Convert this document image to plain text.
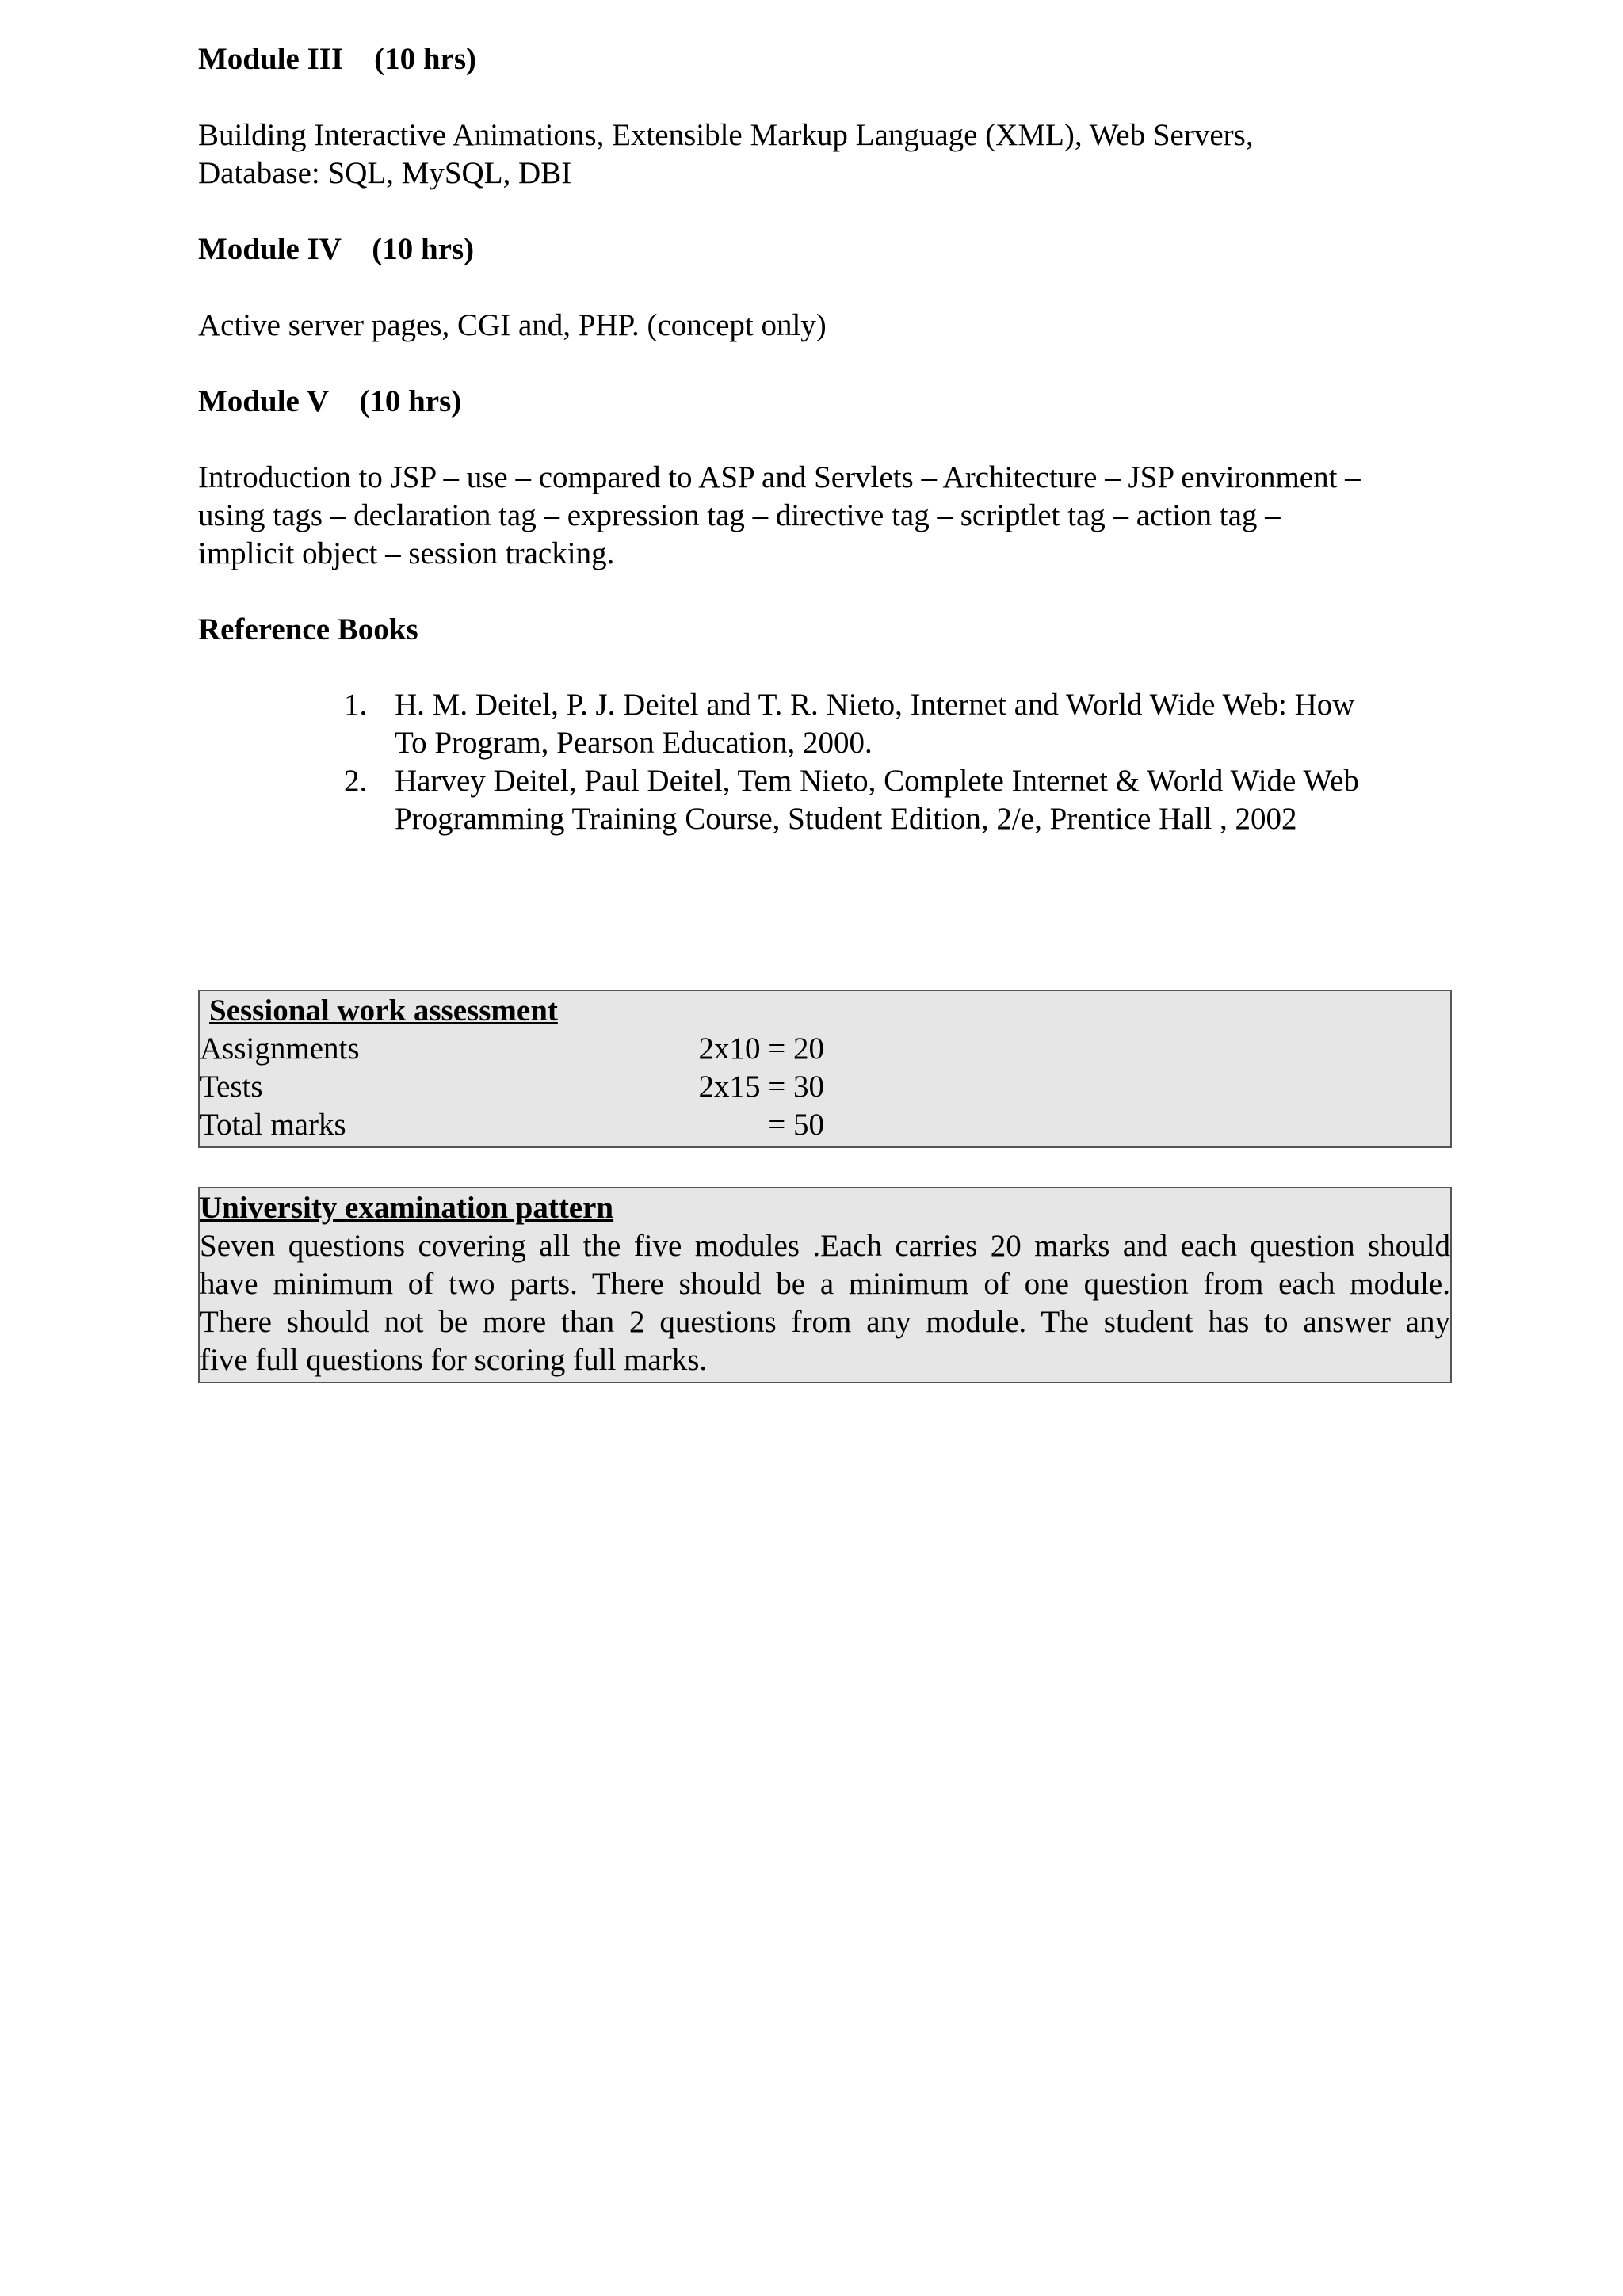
Module III    (10 hrs)
Building Interactive Animations, Extensible Markup Language (XML), Web Servers,
Database: SQL, MySQL, DBI
Module IV    (10 hrs)
Active server pages, CGI and, PHP. (concept only)
Module V    (10 hrs)
Introduction to JSP – use – compared to ASP and Servlets – Architecture – JSP environment –
using tags – declaration tag – expression tag – directive tag – scriptlet tag – action tag –
implicit object – session tracking.
Reference Books
1. H. M. Deitel, P. J. Deitel and T. R. Nieto, Internet and World Wide Web: How
To Program, Pearson Education, 2000.
2. Harvey Deitel, Paul Deitel, Tem Nieto, Complete Internet & World Wide Web
Programming Training Course, Student Edition, 2/e, Prentice Hall , 2002
Sessional work assessment
Assignments	2x10 = 20
Tests	2x15 = 30
Total marks	= 50
University examination pattern
Seven questions covering all the five modules .Each carries 20 marks and each question should
have minimum of two parts. There should be a minimum of one question from each module.
There should not be more than 2 questions from any module. The student has to answer any
five full questions for scoring full marks.
